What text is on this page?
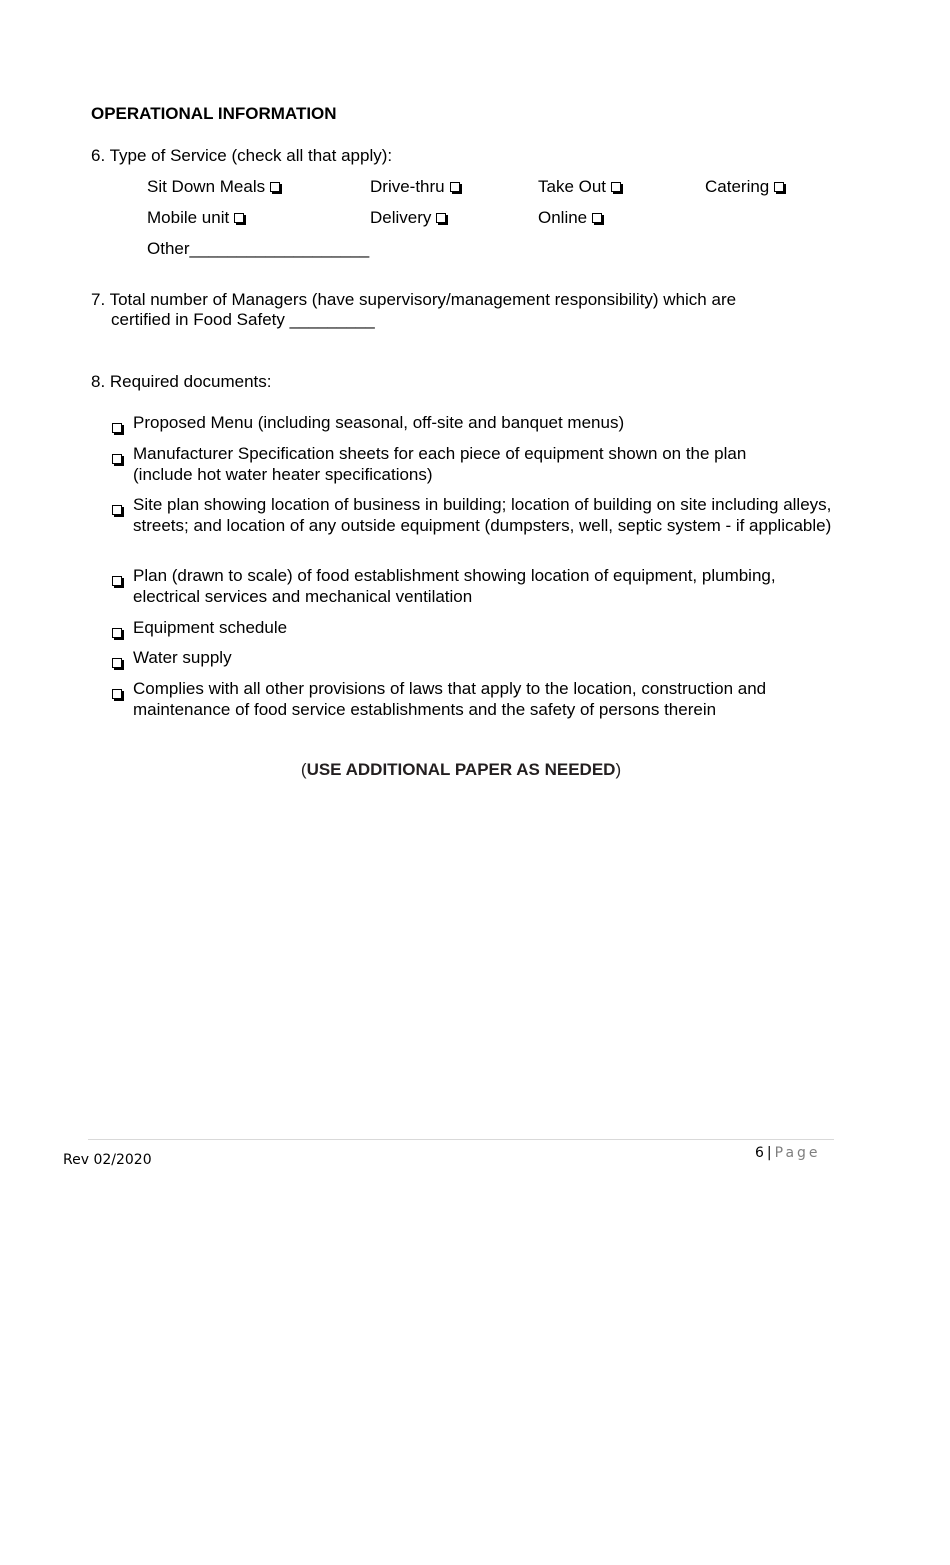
OPERATIONAL INFORMATION
6. Type of Service (check all that apply):
Sit Down Meals	Drive-thru	Take Out	Catering
Mobile unit	Delivery	Online
Other___________________
7. Total number of Managers (have supervisory/management responsibility) which are
certified in Food Safety _________
8. Required documents:
Proposed Menu (including seasonal, off-site and banquet menus)
Manufacturer Specification sheets for each piece of equipment shown on the plan (include hot water heater specifications)
Site plan showing location of business in building; location of building on site including alleys, streets; and location of any outside equipment (dumpsters, well, septic system - if applicable)
Plan (drawn to scale) of food establishment showing location of equipment, plumbing, electrical services and mechanical ventilation
Equipment schedule
Water supply
Complies with all other provisions of laws that apply to the location, construction and maintenance of food service establishments and the safety of persons therein
(USE ADDITIONAL PAPER AS NEEDED)
Rev 02/2020	6 | Page
